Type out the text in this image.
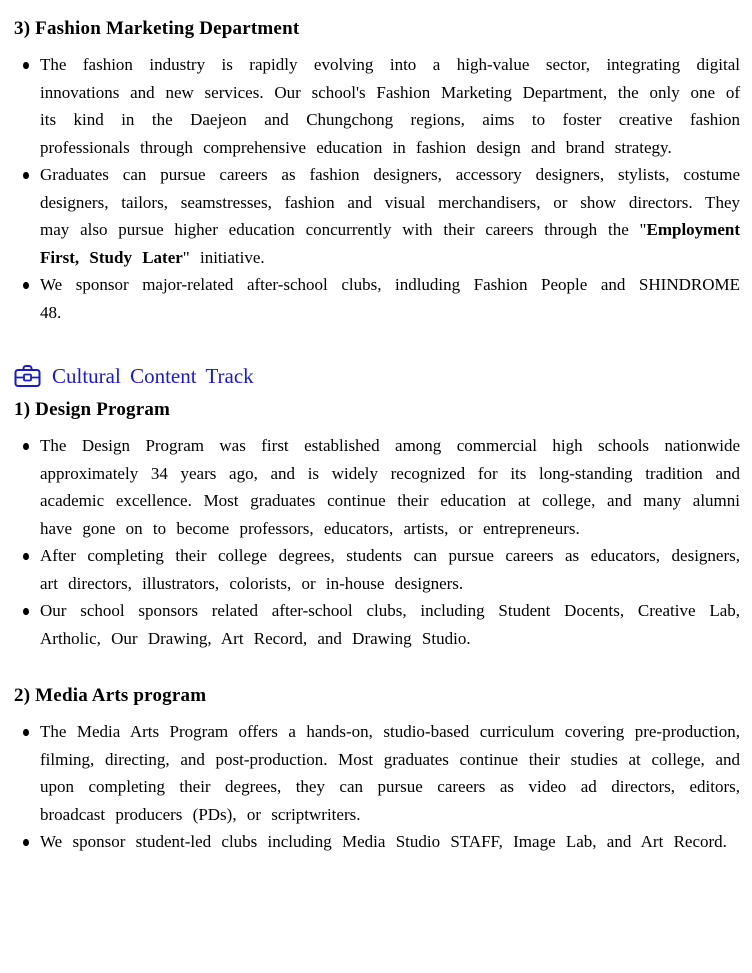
3) Fashion Marketing Department
The fashion industry is rapidly evolving into a high-value sector, integrating digital innovations and new services. Our school's Fashion Marketing Department, the only one of its kind in the Daejeon and Chungchong regions, aims to foster creative fashion professionals through comprehensive education in fashion design and brand strategy.
Graduates can pursue careers as fashion designers, accessory designers, stylists, costume designers, tailors, seamstresses, fashion and visual merchandisers, or show directors. They may also pursue higher education concurrently with their careers through the "Employment First, Study Later" initiative.
We sponsor major-related after-school clubs, indluding Fashion People and SHINDROME 48.
Cultural Content Track
1) Design Program
The Design Program was first established among commercial high schools nationwide approximately 34 years ago, and is widely recognized for its long-standing tradition and academic excellence. Most graduates continue their education at college, and many alumni have gone on to become professors, educators, artists, or entrepreneurs.
After completing their college degrees, students can pursue careers as educators, designers, art directors, illustrators, colorists, or in-house designers.
Our school sponsors related after-school clubs, including Student Docents, Creative Lab, Artholic, Our Drawing, Art Record, and Drawing Studio.
2) Media Arts program
The Media Arts Program offers a hands-on, studio-based curriculum covering pre-production, filming, directing, and post-production. Most graduates continue their studies at college, and upon completing their degrees, they can pursue careers as video ad directors, editors, broadcast producers (PDs), or scriptwriters.
We sponsor student-led clubs including Media Studio STAFF, Image Lab, and Art Record.
